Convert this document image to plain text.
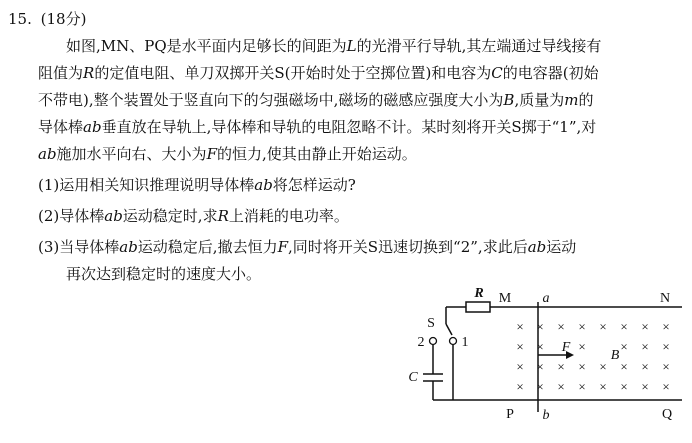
15. (18分)
如图,MN、PQ是水平面内足够长的间距为L的光滑平行导轨,其左端通过导线接有
阻值为R的定值电阻、单刀双掷开关S(开始时处于空掷位置)和电容为C的电容器(初始
不带电),整个装置处于竖直向下的匀强磁场中,磁场的磁感应强度大小为B,质量为m的
导体棒ab垂直放在导轨上,导体棒和导轨的电阻忽略不计。某时刻将开关S掷于“1”,对
ab施加水平向右、大小为F的恒力,使其由静止开始运动。
(1)运用相关知识推理说明导体棒ab将怎样运动?
(2)导体棒ab运动稳定时,求R上消耗的电功率。
(3)当导体棒ab运动稳定后,撤去恒力F,同时将开关S迅速切换到“2”,求此后ab运动
再次达到稳定时的速度大小。
× × × × × × × ×
× ×	×	× × ×
× × × × × × × ×
× × × × × × × ×
R M a	N
S
2	1
C
F
B
P b	Q
